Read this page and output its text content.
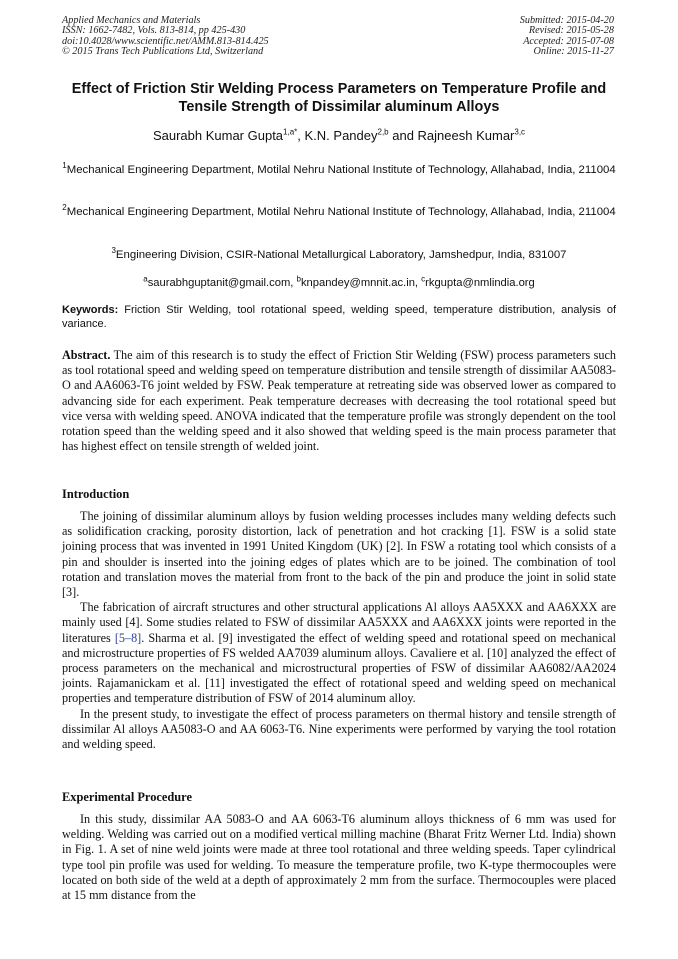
Applied Mechanics and Materials
ISSN: 1662-7482, Vols. 813-814, pp 425-430
doi:10.4028/www.scientific.net/AMM.813-814.425
© 2015 Trans Tech Publications Ltd, Switzerland
Submitted: 2015-04-20
Revised: 2015-05-28
Accepted: 2015-07-08
Online: 2015-11-27
Effect of Friction Stir Welding Process Parameters on Temperature Profile and Tensile Strength of Dissimilar aluminum Alloys
Saurabh Kumar Gupta$^{1,a*}$, K.N. Pandey$^{2,b}$ and Rajneesh Kumar$^{3,c}$
$^1$Mechanical Engineering Department, Motilal Nehru National Institute of Technology, Allahabad, India, 211004
$^2$Mechanical Engineering Department, Motilal Nehru National Institute of Technology, Allahabad, India, 211004
$^3$Engineering Division, CSIR-National Metallurgical Laboratory, Jamshedpur, India, 831007
$^a$saurabhguptanit@gmail.com, $^b$knpandey@mnnit.ac.in, $^c$rkgupta@nmlindia.org
Keywords: Friction Stir Welding, tool rotational speed, welding speed, temperature distribution, analysis of variance.

Abstract. The aim of this research is to study the effect of Friction Stir Welding (FSW) process parameters such as tool rotational speed and welding speed on temperature distribution and tensile strength of dissimilar AA5083-O and AA6063-T6 joint welded by FSW. Peak temperature at retreating side was observed lower as compared to advancing side for each experiment. Peak temperature decreases with decreasing the tool rotational speed but vice versa with welding speed. ANOVA indicated that the temperature profile was strongly dependent on the tool rotation speed than the welding speed and it also showed that welding speed is the main process parameter that has highest effect on tensile strength of welded joint.

Introduction

The joining of dissimilar aluminum alloys by fusion welding processes includes many welding defects such as solidification cracking, porosity distortion, lack of penetration and hot cracking [1]. FSW is a solid state joining process that was invented in 1991 United Kingdom (UK) [2]. In FSW a rotating tool which consists of a pin and shoulder is inserted into the joining edges of plates which are to be joined. The combination of tool rotation and translation moves the material from front to the back of the pin and produce the joint in solid state [3].

The fabrication of aircraft structures and other structural applications Al alloys AA5XXX and AA6XXX are mainly used [4]. Some studies related to FSW of dissimilar AA5XXX and AA6XXX joints were reported in the literatures [5–8]. Sharma et al. [9] investigated the effect of welding speed and rotational speed on mechanical and microstructure properties of FS welded AA7039 aluminum alloys. Cavaliere et al. [10] analyzed the effect of process parameters on the mechanical and microstructural properties of FSW of dissimilar AA6082/AA2024 joints. Rajamanickam et al. [11] investigated the effect of rotational speed and welding speed on mechanical properties and temperature distribution of FSW of 2014 aluminum alloy.

In the present study, to investigate the effect of process parameters on thermal history and tensile strength of dissimilar Al alloys AA5083-O and AA 6063-T6. Nine experiments were performed by varying the tool rotation and welding speed.

Experimental Procedure

In this study, dissimilar AA 5083-O and AA 6063-T6 aluminum alloys thickness of 6 mm was used for welding. Welding was carried out on a modified vertical milling machine (Bharat Fritz Werner Ltd. India) shown in Fig. 1. A set of nine weld joints were made at three tool rotational and three welding speeds. Taper cylindrical type tool pin profile was used for welding. To measure the temperature profile, two K-type thermocouples were located on both side of the weld at a depth of approximately 2 mm from the surface. Thermocouples were placed at 15 mm distance from the
